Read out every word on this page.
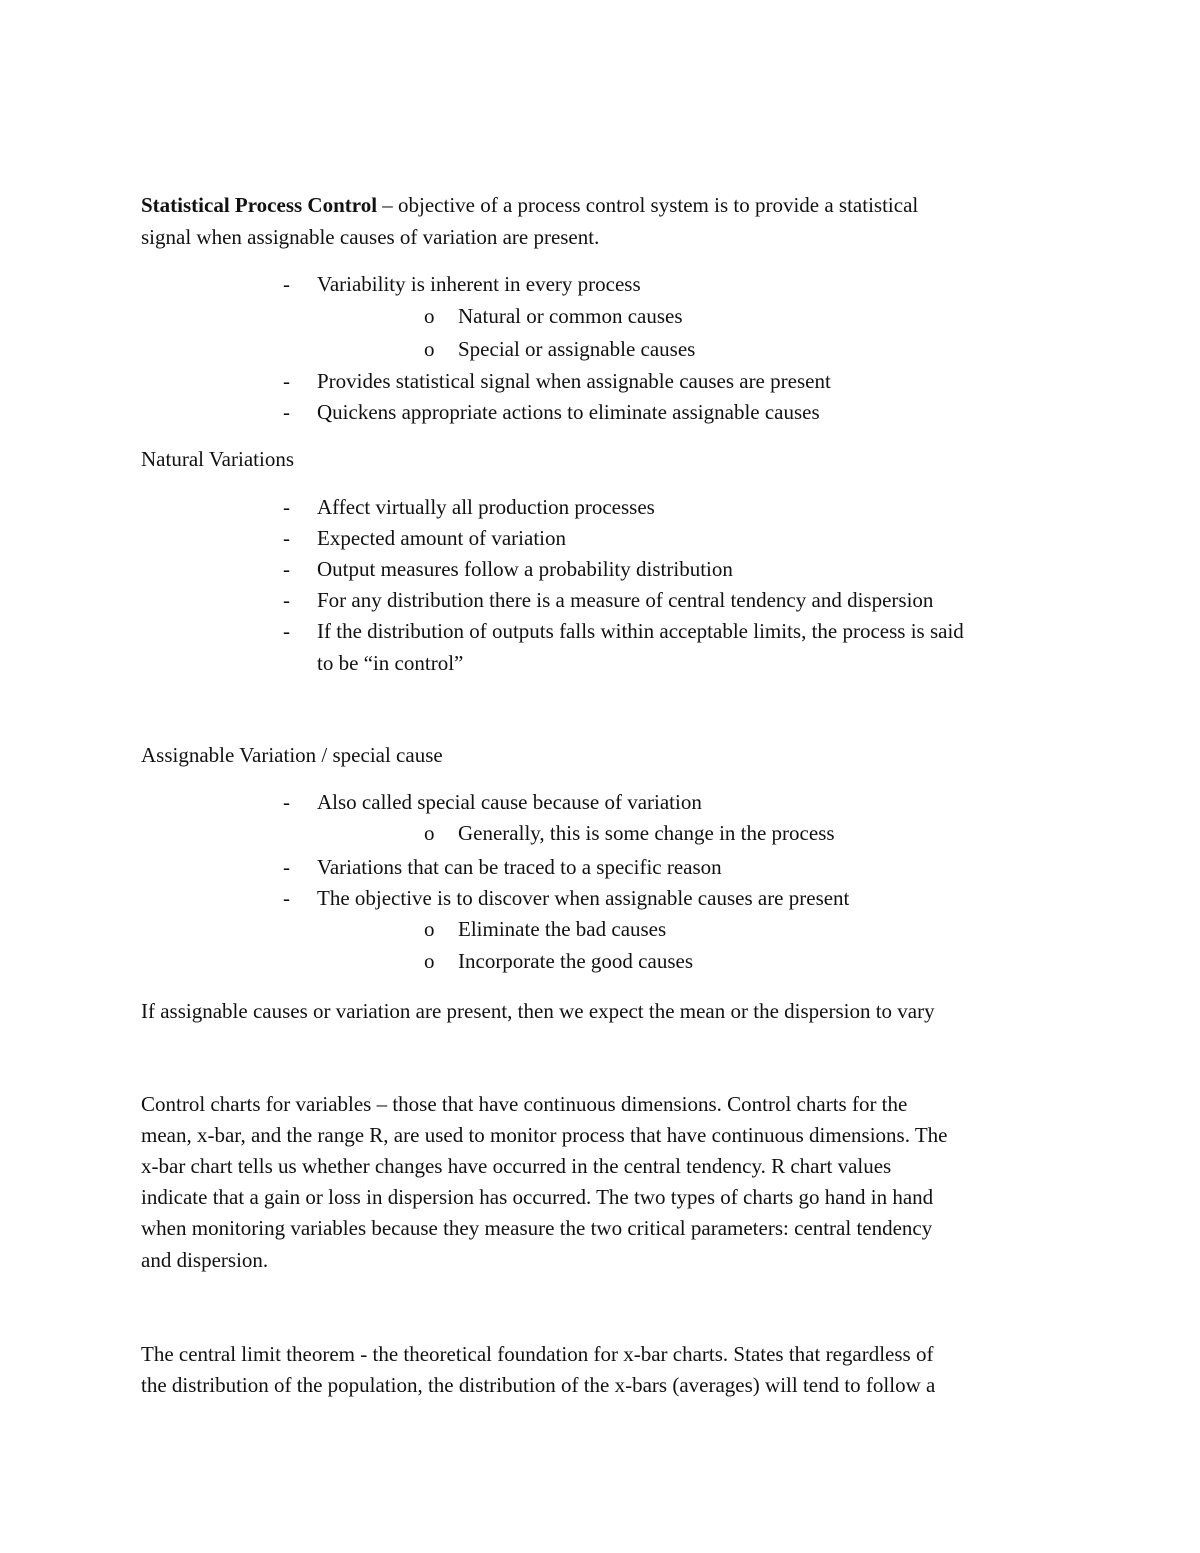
Statistical Process Control – objective of a process control system is to provide a statistical
signal when assignable causes of variation are present.
- Variability is inherent in every process
o Natural or common causes
o Special or assignable causes
- Provides statistical signal when assignable causes are present
- Quickens appropriate actions to eliminate assignable causes
Natural Variations
- Affect virtually all production processes
- Expected amount of variation
- Output measures follow a probability distribution
- For any distribution there is a measure of central tendency and dispersion
- If the distribution of outputs falls within acceptable limits, the process is said
to be “in control”
Assignable Variation / special cause
- Also called special cause because of variation
o Generally, this is some change in the process
- Variations that can be traced to a specific reason
- The objective is to discover when assignable causes are present
o Eliminate the bad causes
o Incorporate the good causes
If assignable causes or variation are present, then we expect the mean or the dispersion to vary
Control charts for variables – those that have continuous dimensions. Control charts for the
mean, x-bar, and the range R, are used to monitor process that have continuous dimensions. The
x-bar chart tells us whether changes have occurred in the central tendency. R chart values
indicate that a gain or loss in dispersion has occurred. The two types of charts go hand in hand
when monitoring variables because they measure the two critical parameters: central tendency
and dispersion.
The central limit theorem - the theoretical foundation for x-bar charts. States that regardless of
the distribution of the population, the distribution of the x-bars (averages) will tend to follow a
